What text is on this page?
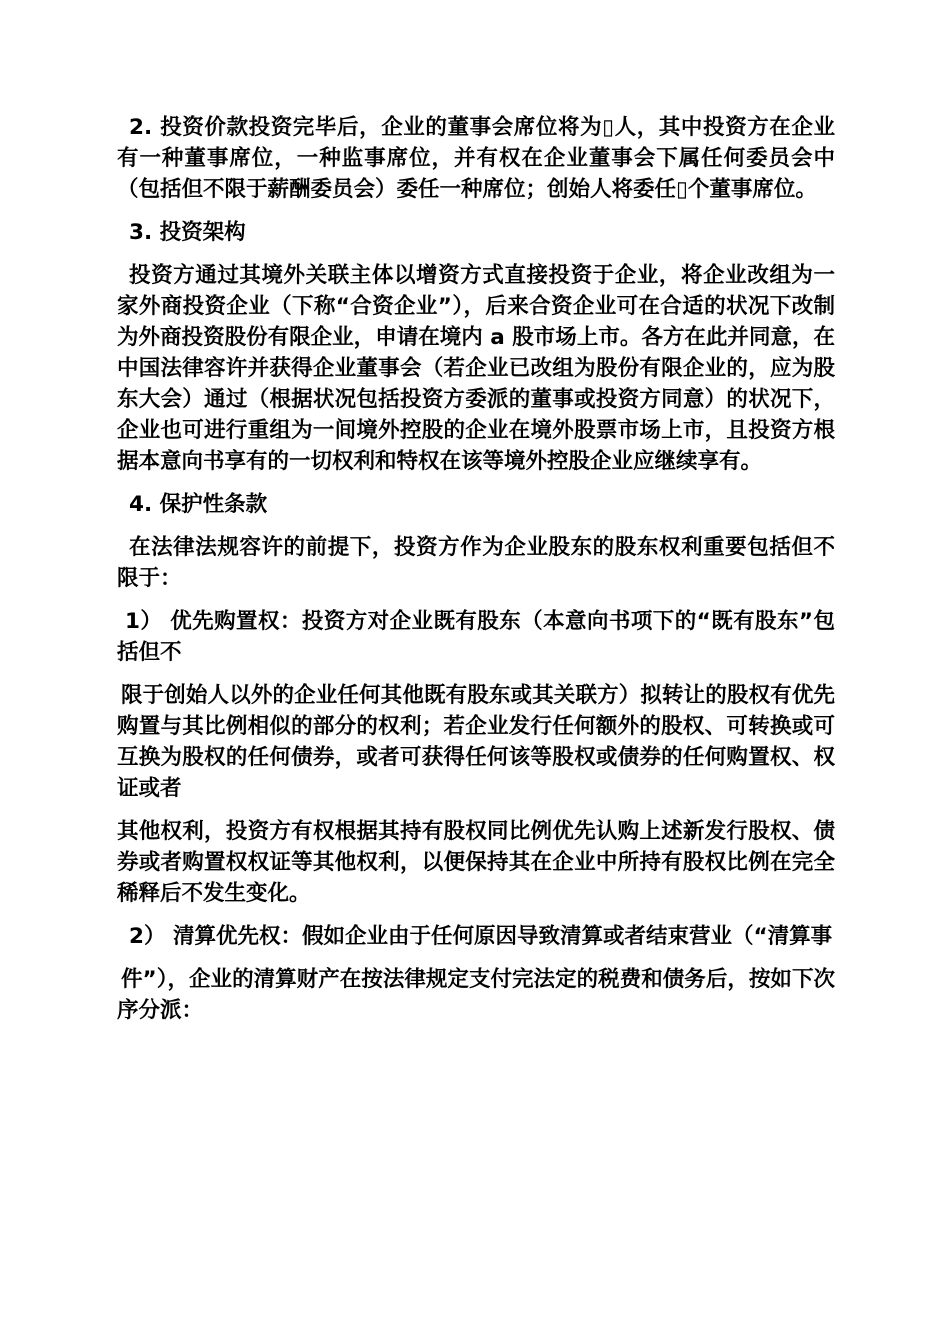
2. 投资价款投资完毕后，企业的董事会席位将为▯人，其中投资方在企业有一种董事席位，一种监事席位，并有权在企业董事会下属任何委员会中（包括但不限于薪酬委员会）委任一种席位；创始人将委任▯个董事席位。

3. 投资架构

投资方通过其境外关联主体以增资方式直接投资于企业，将企业改组为一家外商投资企业（下称“合资企业”），后来合资企业可在合适的状况下改制为外商投资股份有限企业，申请在境内 a 股市场上市。各方在此并同意，在中国法律容许并获得企业董事会（若企业已改组为股份有限企业的，应为股东大会）通过（根据状况包括投资方委派的董事或投资方同意）的状况下，企业也可进行重组为一间境外控股的企业在境外股票市场上市，且投资方根据本意向书享有的一切权利和特权在该等境外控股企业应继续享有。

4. 保护性条款

在法律法规容许的前提下，投资方作为企业股东的股东权利重要包括但不限于：

1） 优先购置权：投资方对企业既有股东（本意向书项下的“既有股东”包括但不

限于创始人以外的企业任何其他既有股东或其关联方）拟转让的股权有优先购置与其比例相似的部分的权利；若企业发行任何额外的股权、可转换或可互换为股权的任何债券，或者可获得任何该等股权或债券的任何购置权、权证或者

其他权利，投资方有权根据其持有股权同比例优先认购上述新发行股权、债券或者购置权权证等其他权利，以便保持其在企业中所持有股权比例在完全稀释后不发生变化。

2） 清算优先权：假如企业由于任何原因导致清算或者结束营业（“清算事

件”），企业的清算财产在按法律规定支付完法定的税费和债务后，按如下次序分派：
